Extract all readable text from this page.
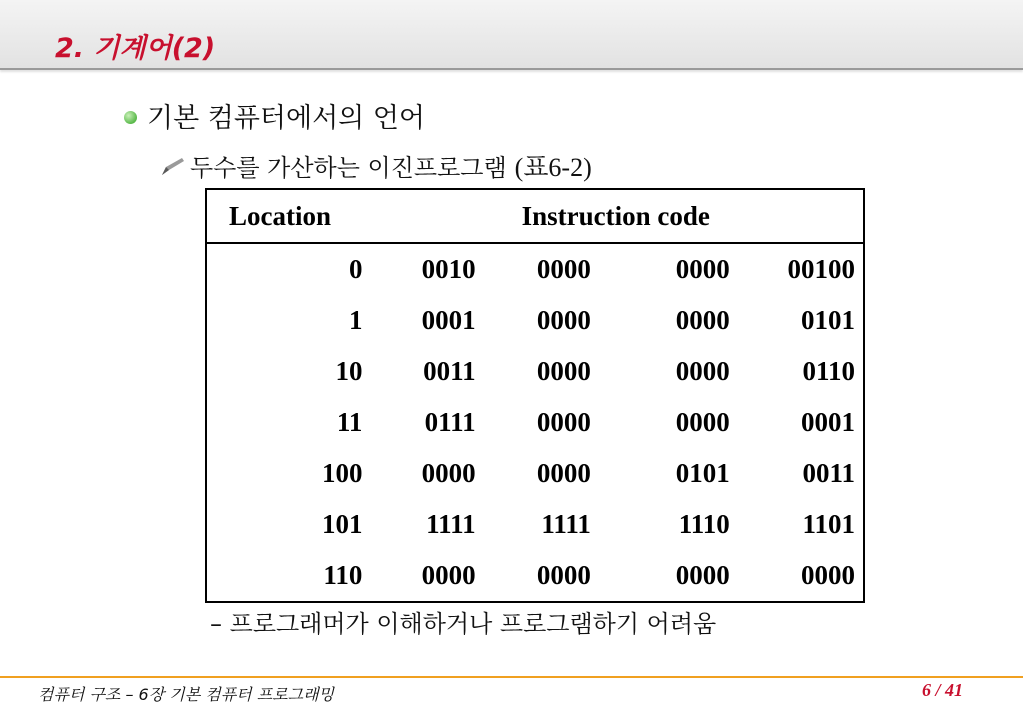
2. 기계어(2)
기본 컴퓨터에서의 언어
두수를 가산하는 이진프로그램 (표6-2)
Location	Instruction code			
0	0010	0000	0000	00100
1	0001	0000	0000	0101
10	0011	0000	0000	0110
11	0111	0000	0000	0001
100	0000	0000	0101	0011
101	1111	1111	1110	1101
110	0000	0000	0000	0000
– 프로그래머가 이해하거나 프로그램하기 어려움
컴퓨터 구조 – 6장 기본 컴퓨터 프로그래밍	6 / 41
